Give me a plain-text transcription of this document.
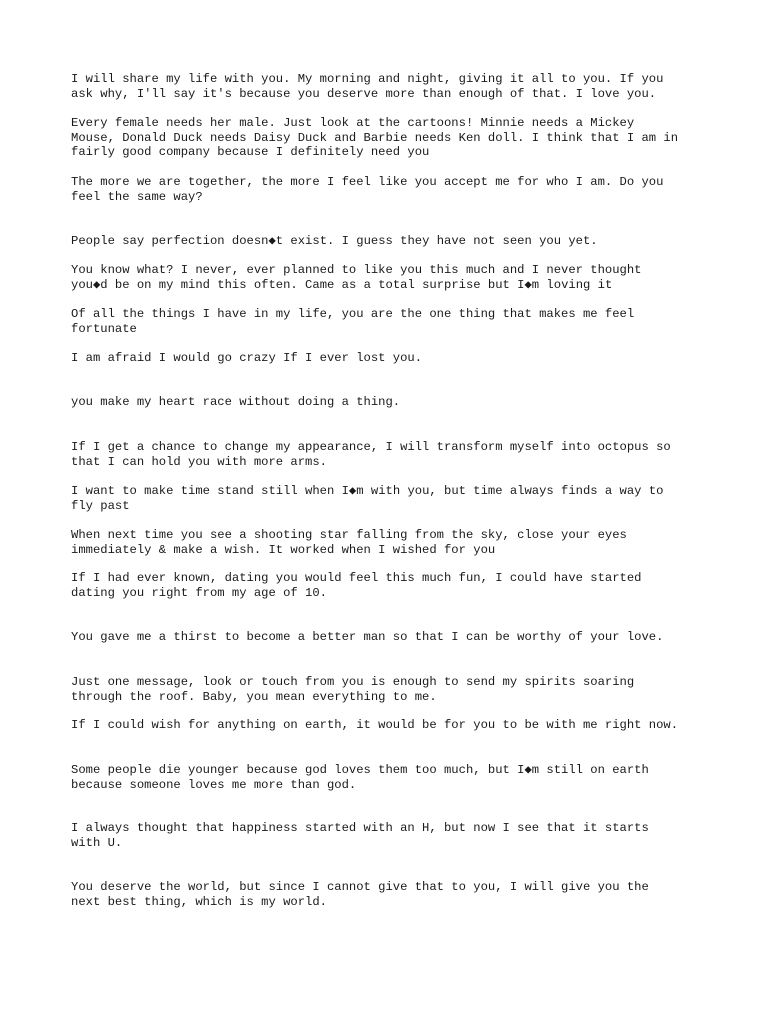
I will share my life with you. My morning and night, giving it all to you. If you
ask why, I'll say it's because you deserve more than enough of that. I love you.

Every female needs her male. Just look at the cartoons! Minnie needs a Mickey
Mouse, Donald Duck needs Daisy Duck and Barbie needs Ken doll. I think that I am in
fairly good company because I definitely need you

The more we are together, the more I feel like you accept me for who I am. Do you
feel the same way?

People say perfection doesn◆t exist. I guess they have not seen you yet.

You know what? I never, ever planned to like you this much and I never thought
you◆d be on my mind this often. Came as a total surprise but I◆m loving it

Of all the things I have in my life, you are the one thing that makes me feel
fortunate

I am afraid I would go crazy If I ever lost you.

you make my heart race without doing a thing.

If I get a chance to change my appearance, I will transform myself into octopus so
that I can hold you with more arms.

I want to make time stand still when I◆m with you, but time always finds a way to
fly past

When next time you see a shooting star falling from the sky, close your eyes
immediately & make a wish. It worked when I wished for you

If I had ever known, dating you would feel this much fun, I could have started
dating you right from my age of 10.

You gave me a thirst to become a better man so that I can be worthy of your love.

Just one message, look or touch from you is enough to send my spirits soaring
through the roof. Baby, you mean everything to me.

If I could wish for anything on earth, it would be for you to be with me right now.

Some people die younger because god loves them too much, but I◆m still on earth
because someone loves me more than god.

I always thought that happiness started with an H, but now I see that it starts
with U.

You deserve the world, but since I cannot give that to you, I will give you the
next best thing, which is my world.
